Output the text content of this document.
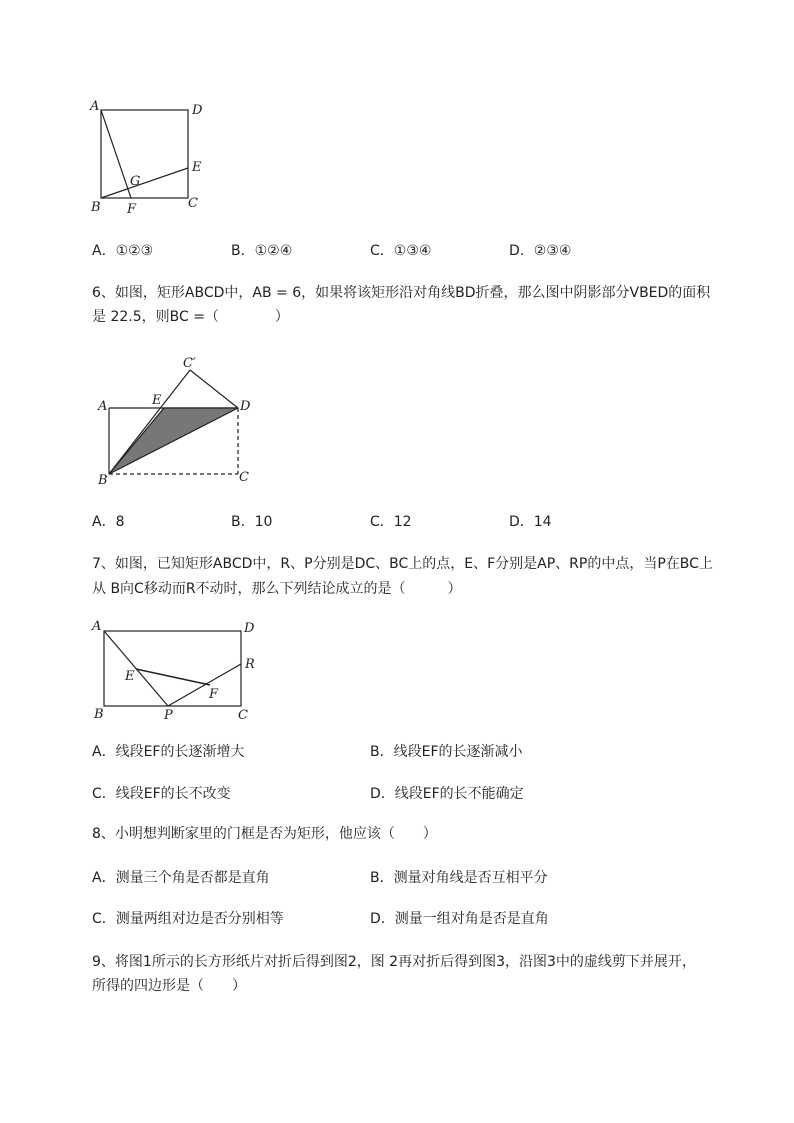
A	D
E
G
B F	C
A．①②③	B．①②④	C．①③④	D．②③④
6、如图，矩形ABCD中，AB = 6，如果将该矩形沿对角线BD折叠，那么图中阴影部分VBED的面积
是 22.5，则BC =（　　　　）
C′
A	E	D
B	C
A．8	B．10	C．12	D．14
7、如图，已知矩形ABCD中，R、P分别是DC、BC上的点，E、F分别是AP、RP的中点，当P在BC上
从 B向C移动而R不动时，那么下列结论成立的是（　　　）
A	D
R
E
F
B	P	C
A．线段EF的长逐渐增大	B．线段EF的长逐渐减小
C．线段EF的长不改变	D．线段EF的长不能确定
8、小明想判断家里的门框是否为矩形，他应该（　　）
A．测量三个角是否都是直角	B．测量对角线是否互相平分
C．测量两组对边是否分别相等	D．测量一组对角是否是直角
9、将图1所示的长方形纸片对折后得到图2，图 2再对折后得到图3，沿图3中的虚线剪下并展开，
所得的四边形是（　　）
